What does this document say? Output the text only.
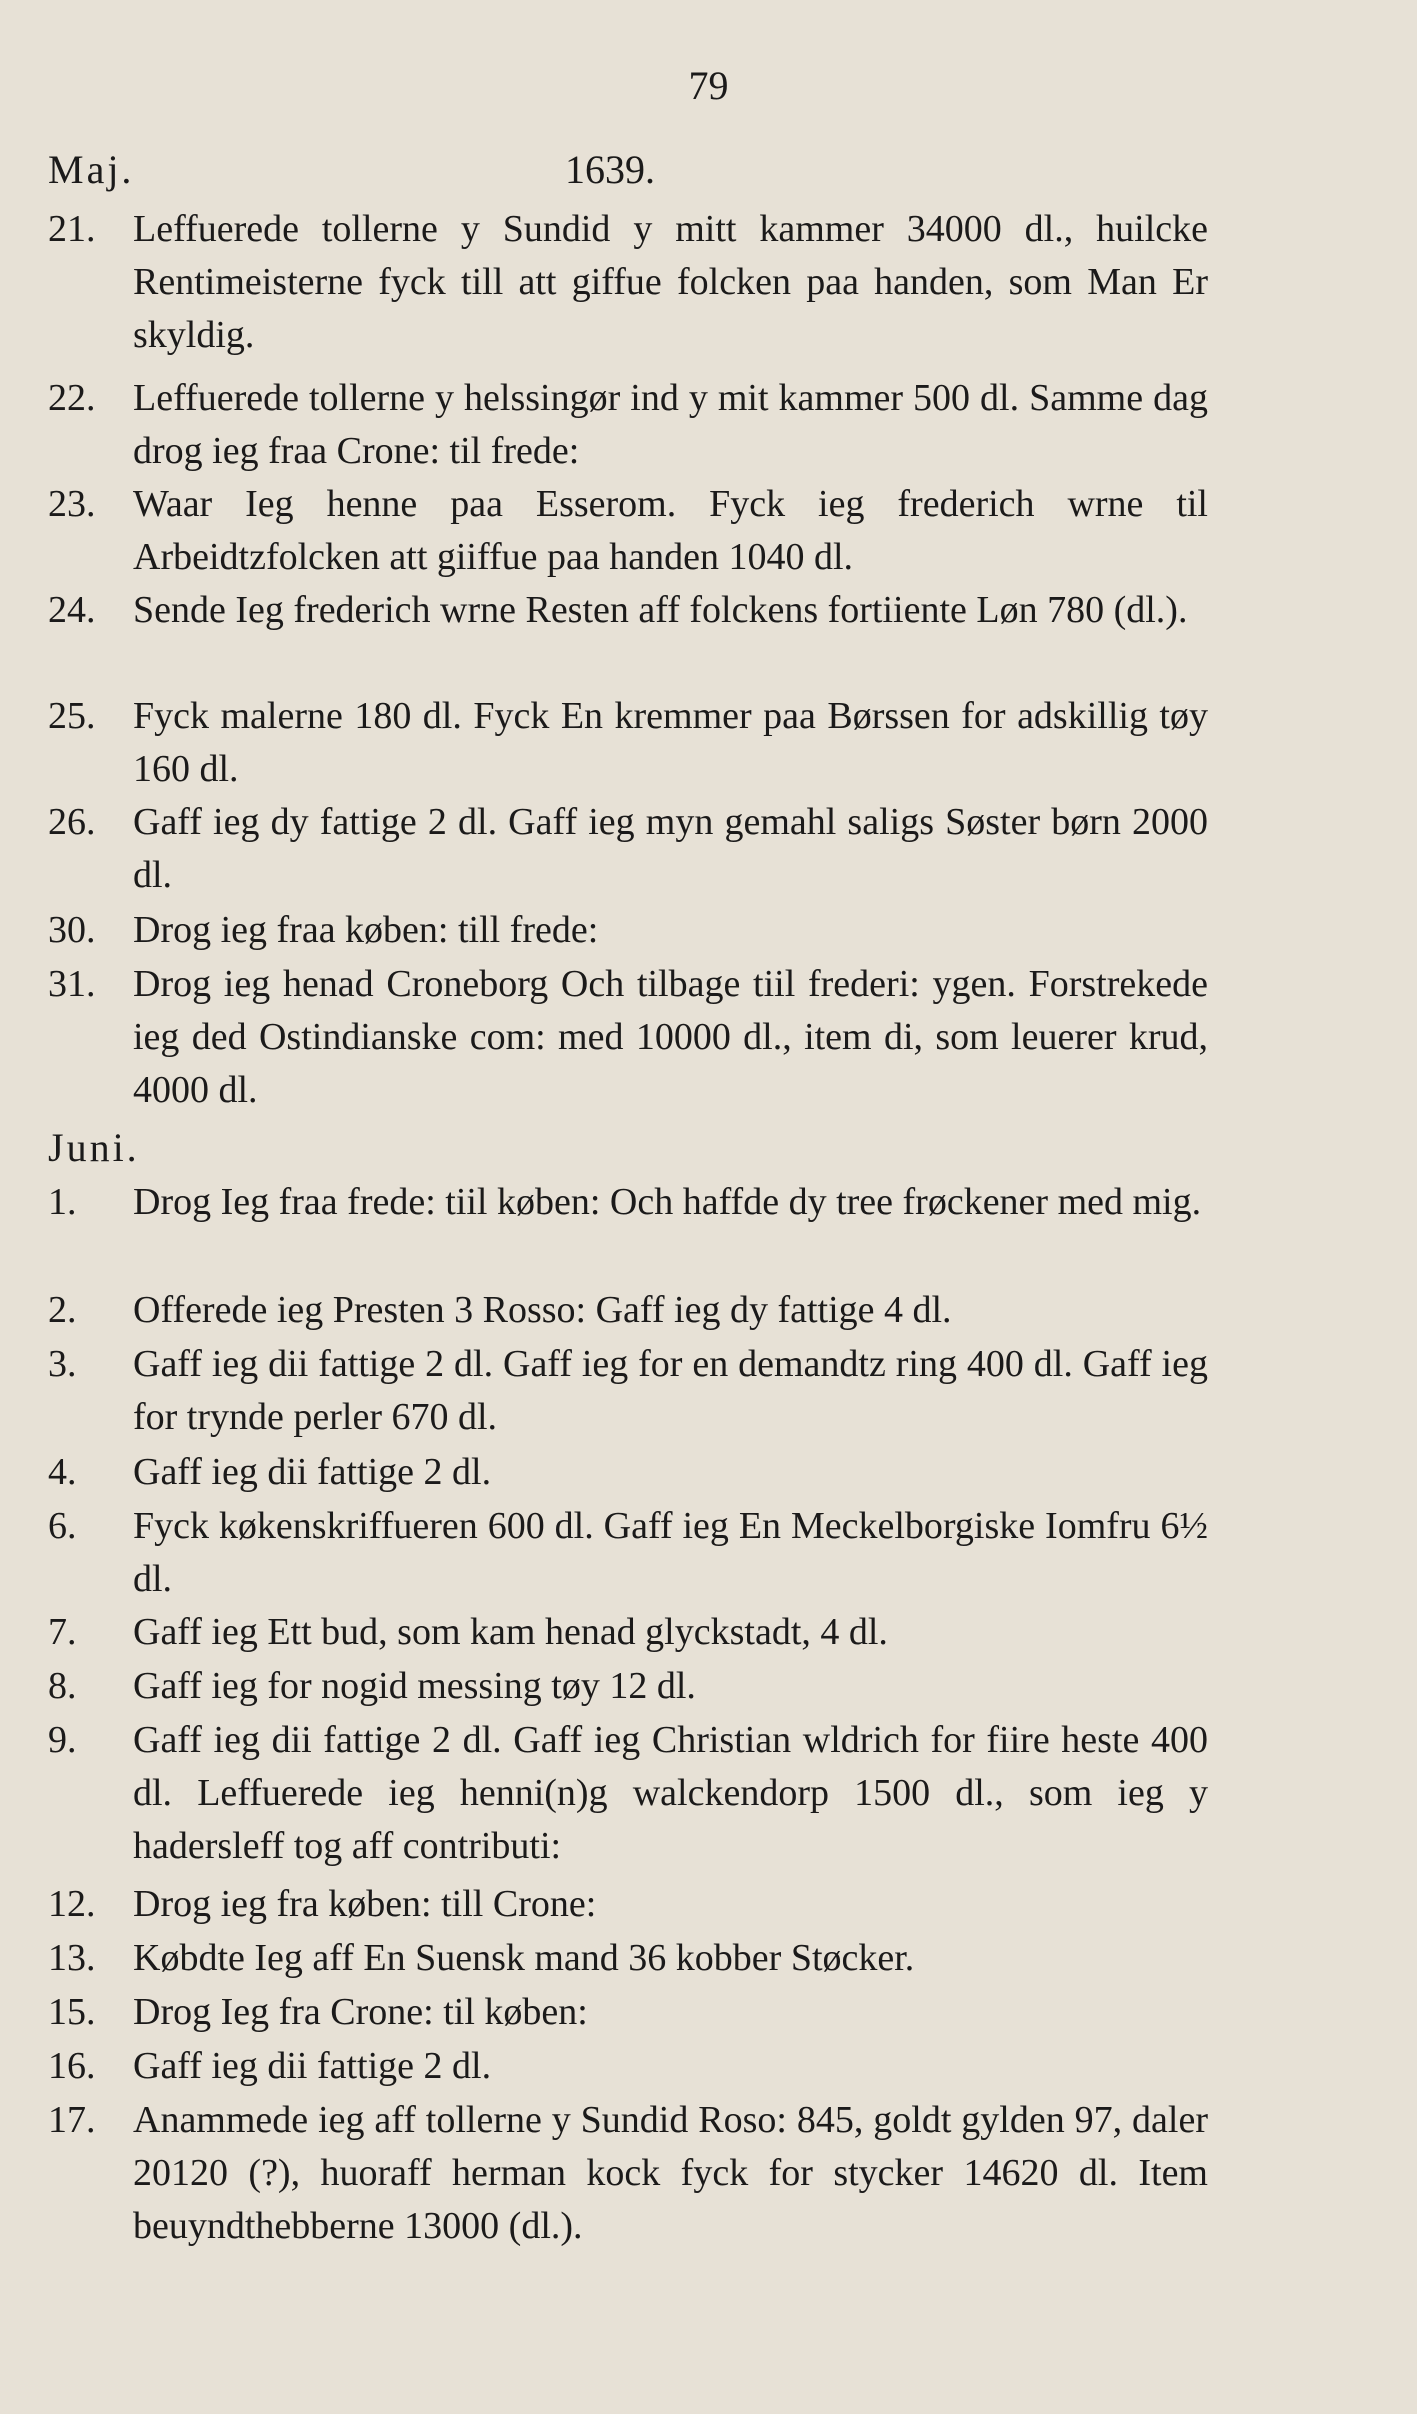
79
Maj.	1639.
21. Leffuerede tollerne y Sundid y mitt kammer 34000 dl., huilcke Rentimeisterne fyck till att giffue folcken paa handen, som Man Er skyldig.
22. Leffuerede tollerne y helssingør ind y mit kammer 500 dl. Samme dag drog ieg fraa Crone: til frede:
23. Waar Ieg henne paa Esserom. Fyck ieg frederich wrne til Arbeidtzfolcken att giiffue paa handen 1040 dl.
24. Sende Ieg frederich wrne Resten aff folckens fortiiente Løn 780 (dl.).
25. Fyck malerne 180 dl. Fyck En kremmer paa Børssen for adskillig tøy 160 dl.
26. Gaff ieg dy fattige 2 dl. Gaff ieg myn gemahl saligs Søster børn 2000 dl.
30. Drog ieg fraa køben: till frede:
31. Drog ieg henad Croneborg Och tilbage tiil frederi: ygen. Forstrekede ieg ded Ostindianske com: med 10000 dl., item di, som leuerer krud, 4000 dl.
Juni.
1. Drog Ieg fraa frede: tiil køben: Och haffde dy tree frøckener med mig.
2. Offerede ieg Presten 3 Rosso: Gaff ieg dy fattige 4 dl.
3. Gaff ieg dii fattige 2 dl. Gaff ieg for en demandtz ring 400 dl. Gaff ieg for trynde perler 670 dl.
4. Gaff ieg dii fattige 2 dl.
6. Fyck køkenskriffueren 600 dl. Gaff ieg En Meckelborgiske Iomfru 6½ dl.
7. Gaff ieg Ett bud, som kam henad glyckstadt, 4 dl.
8. Gaff ieg for nogid messing tøy 12 dl.
9. Gaff ieg dii fattige 2 dl. Gaff ieg Christian wldrich for fiire heste 400 dl. Leffuerede ieg henni(n)g walckendorp 1500 dl., som ieg y hadersleff tog aff contributi:
12. Drog ieg fra køben: till Crone:
13. Købdte Ieg aff En Suensk mand 36 kobber Støcker.
15. Drog Ieg fra Crone: til køben:
16. Gaff ieg dii fattige 2 dl.
17. Anammede ieg aff tollerne y Sundid Roso: 845, goldt gylden 97, daler 20120 (?), huoraff herman kock fyck for stycker 14620 dl. Item beuyndthebberne 13000 (dl.).
